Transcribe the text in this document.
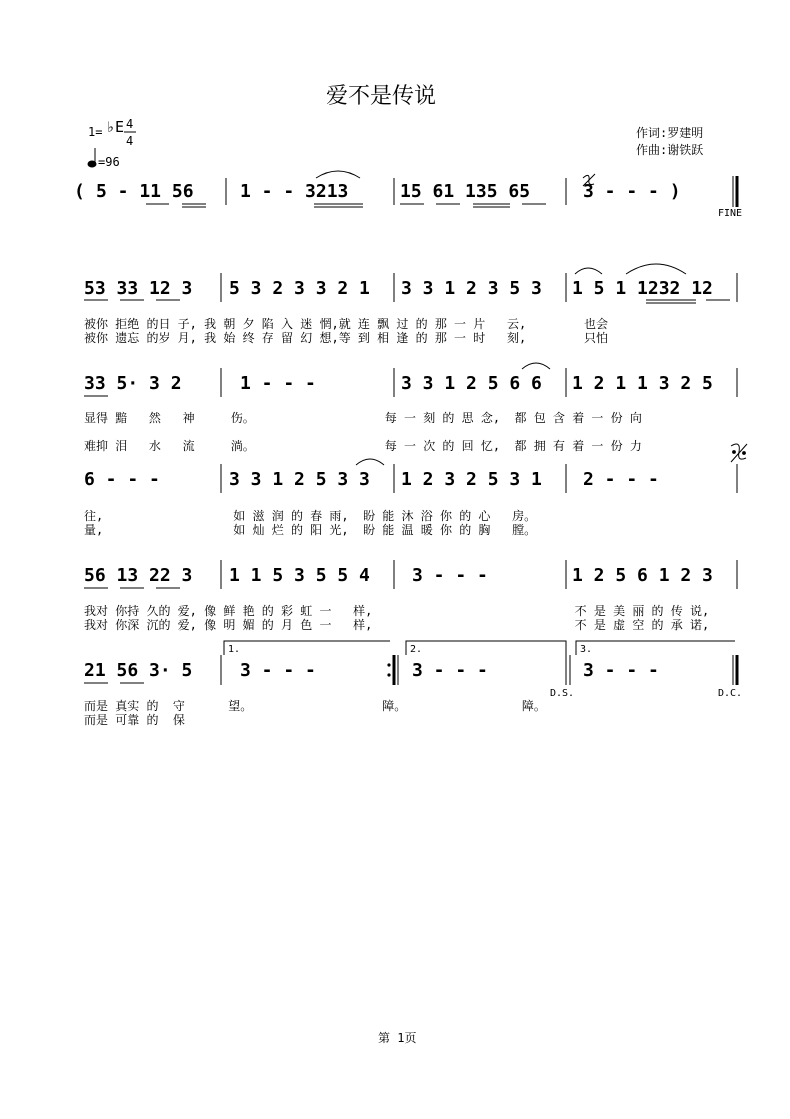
爱不是传说
1= ♭E 4
4
=96
作词:罗建明
作曲:谢铁跃
( 5 - 11 56	1 - - 3213	15 61 135 65	3 - - - )
FINE
53 33 12 3 5 3 2 3 3 2 1 3 3 1 2 3 5 3 1 5 1 1232 12
被你 拒绝 的日 子, 我 朝 夕 陷 入 迷 惘,就 连 飘 过 的 那 一 片   云,        也会
被你 遗忘 的岁 月, 我 始 终 存 留 幻 想,等 到 相 逢 的 那 一 时   刻,        只怕
33 5· 3 2	1 - - -	3 3 1 2 5 6 6 1 2 1 1 3 2 5
显得 黯   然   神     伤。                  每 一 刻 的 思 念,  都 包 含 着 一 份 向
难抑 泪   水   流     淌。                  每 一 次 的 回 忆,  都 拥 有 着 一 份 力
6 - - -	3 3 1 2 5 3 3 1 2 3 2 5 3 1 2 - - -
往,                  如 滋 润 的 春 雨,  盼 能 沐 浴 你 的 心   房。
量,                  如 灿 烂 的 阳 光,  盼 能 温 暖 你 的 胸   膛。
56 13 22 3 1 1 5 3 5 5 4 3 - - -	1 2 5 6 1 2 3
我对 你持 久的 爱, 像 鲜 艳 的 彩 虹 一   样,                            不 是 美 丽 的 传 说,
我对 你深 沉的 爱, 像 明 媚 的 月 色 一   样,                            不 是 虚 空 的 承 诺,
1.	2.	3.
21 56 3· 5	3 - - -	3 - - -	3 - - -
D.S.	D.C.
而是 真实 的  守      望。                  障。                障。
而是 可靠 的  保
第 1页
